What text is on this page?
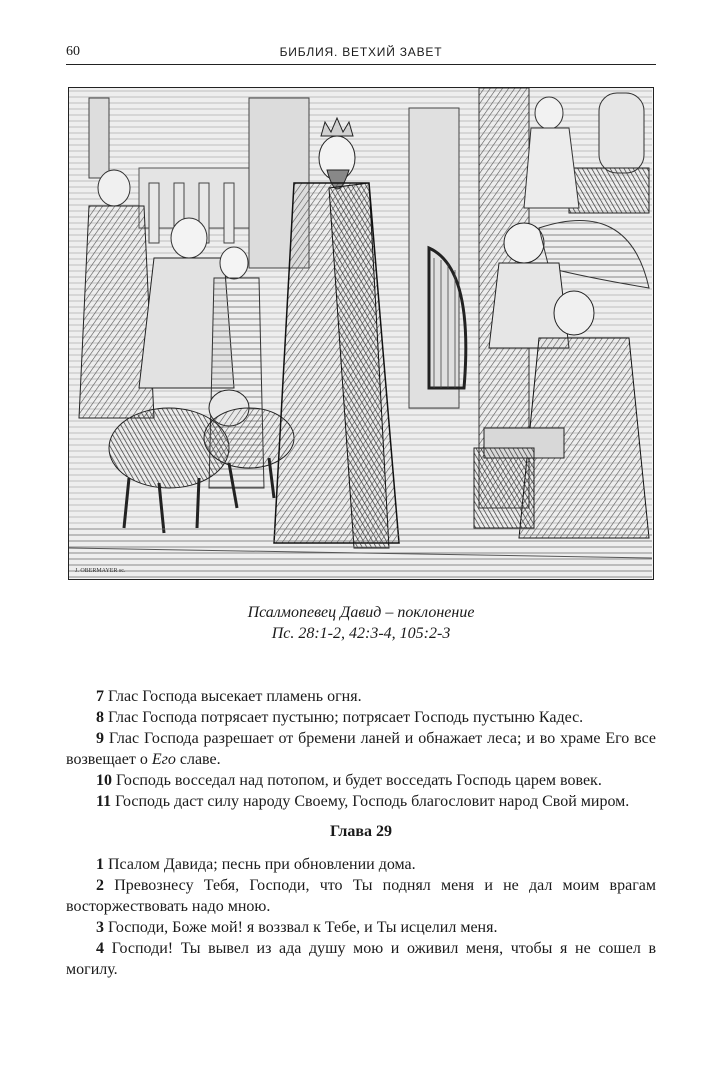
60	БИБЛИЯ. ВЕТХИЙ ЗАВЕТ
J. OBERMAYER sc.
Псалмопевец Давид – поклонение
Пс. 28:1-2, 42:3-4, 105:2-3

7 Глас Господа высекает пламень огня.

8 Глас Господа потрясает пустыню; потрясает Господь пустыню Кадес.

9 Глас Господа разрешает от бремени ланей и обнажает леса; и во храме Его все возвещает о Его славе.

10 Господь восседал над потопом, и будет восседать Господь царем вовек.

11 Господь даст силу народу Своему, Господь благословит народ Свой миром.

Глава 29

1 Псалом Давида; песнь при обновлении дома.

2 Превознесу Тебя, Господи, что Ты поднял меня и не дал моим врагам восторжествовать надо мною.

3 Господи, Боже мой! я воззвал к Тебе, и Ты исцелил меня.

4 Господи! Ты вывел из ада душу мою и оживил меня, чтобы я не сошел в могилу.
